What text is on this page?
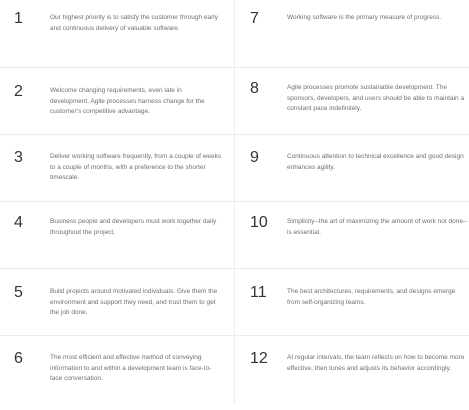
1	Our highest priority is to satisfy the customer through early and continuous delivery of valuable software.

2	Welcome changing requirements, even late in development. Agile processes harness change for the customer's competitive advantage.

3	Deliver working software frequently, from a couple of weeks to a couple of months, with a preference to the shorter timescale.

4	Business people and developers must work together daily throughout the project.

5	Build projects around motivated individuals. Give them the environment and support they need, and trust them to get the job done.

6	The most efficient and effective method of conveying information to and within a development team is face-to-face conversation.

7	Working software is the primary measure of progress.

8	Agile processes promote sustainable development. The sponsors, developers, and users should be able to maintain a constant pace indefinitely.

9	Continuous attention to technical excellence and good design enhances agility.

10	Simplicity--the art of maximizing the amount of work not done--is essential.

11	The best architectures, requirements, and designs emerge from self-organizing teams.

12	At regular intervals, the team reflects on how to become more effective, then tunes and adjusts its behavior accordingly.
